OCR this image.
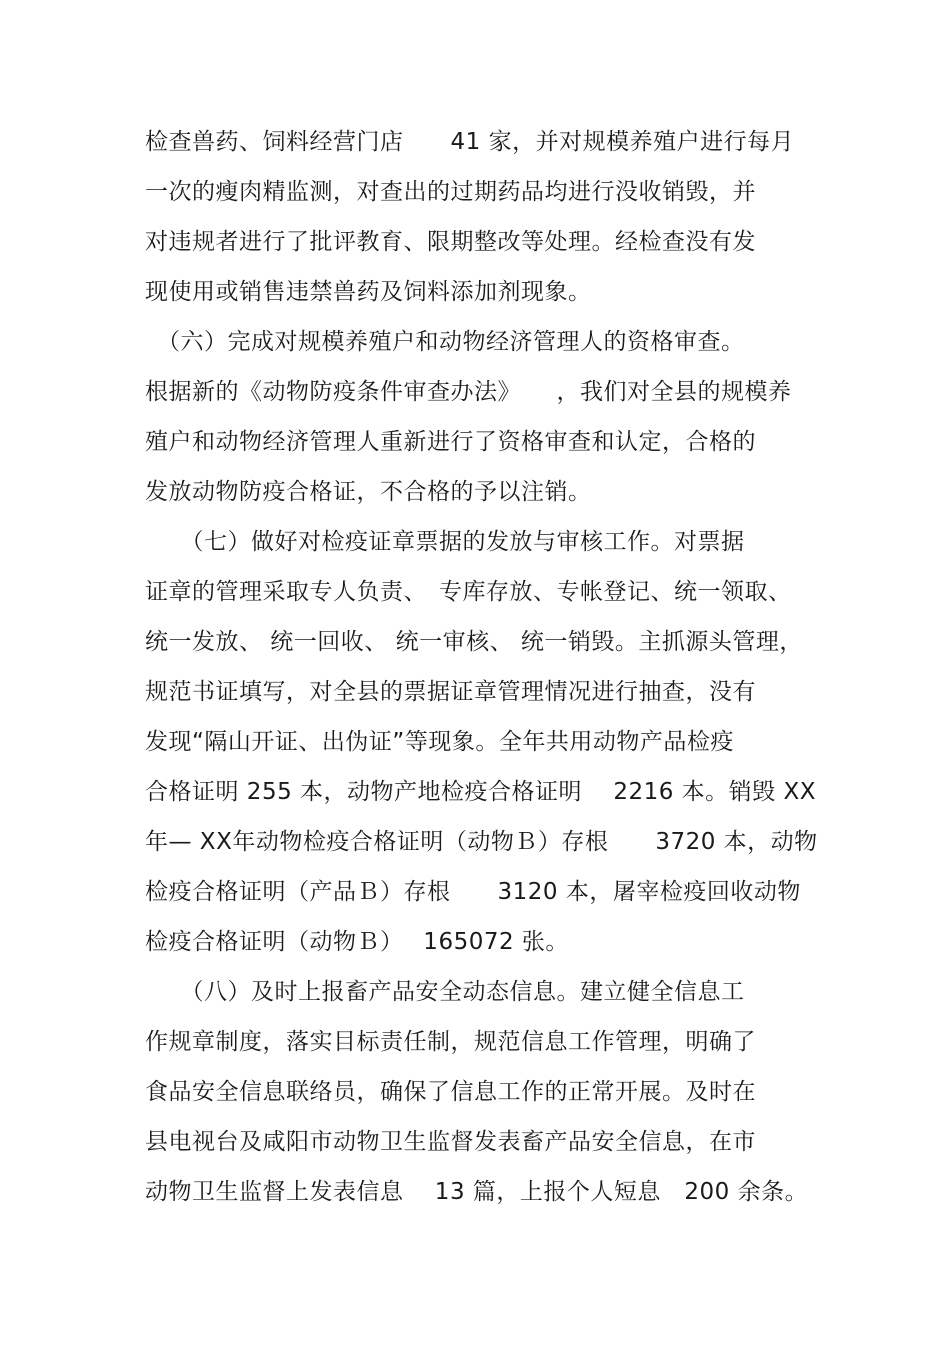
检查兽药、饲料经营门店　　41 家，并对规模养殖户进行每月
一次的瘦肉精监测，对查出的过期药品均进行没收销毁，并
对违规者进行了批评教育、限期整改等处理。经检查没有发
现使用或销售违禁兽药及饲料添加剂现象。
　（六）完成对规模养殖户和动物经济管理人的资格审查。
根据新的《动物防疫条件审查办法》　　，我们对全县的规模养
殖户和动物经济管理人重新进行了资格审查和认定，合格的
发放动物防疫合格证，不合格的予以注销。
　　（七）做好对检疫证章票据的发放与审核工作。对票据
证章的管理采取专人负责、　专库存放、专帐登记、统一领取、
统一发放、 统一回收、 统一审核、 统一销毁。主抓源头管理，
规范书证填写，对全县的票据证章管理情况进行抽查，没有
发现“隔山开证、出伪证”等现象。全年共用动物产品检疫
合格证明 255 本，动物产地检疫合格证明　 2216 本。销毁 XX
年— XX年动物检疫合格证明（动物Ｂ）存根　　3720 本，动物
检疫合格证明（产品Ｂ）存根　　3120 本，屠宰检疫回收动物
检疫合格证明（动物Ｂ）　 165072 张。
　　（八）及时上报畜产品安全动态信息。建立健全信息工
作规章制度，落实目标责任制，规范信息工作管理，明确了
食品安全信息联络员，确保了信息工作的正常开展。及时在
县电视台及咸阳市动物卫生监督发表畜产品安全信息，在市
动物卫生监督上发表信息　 13 篇，上报个人短息　200 余条。
